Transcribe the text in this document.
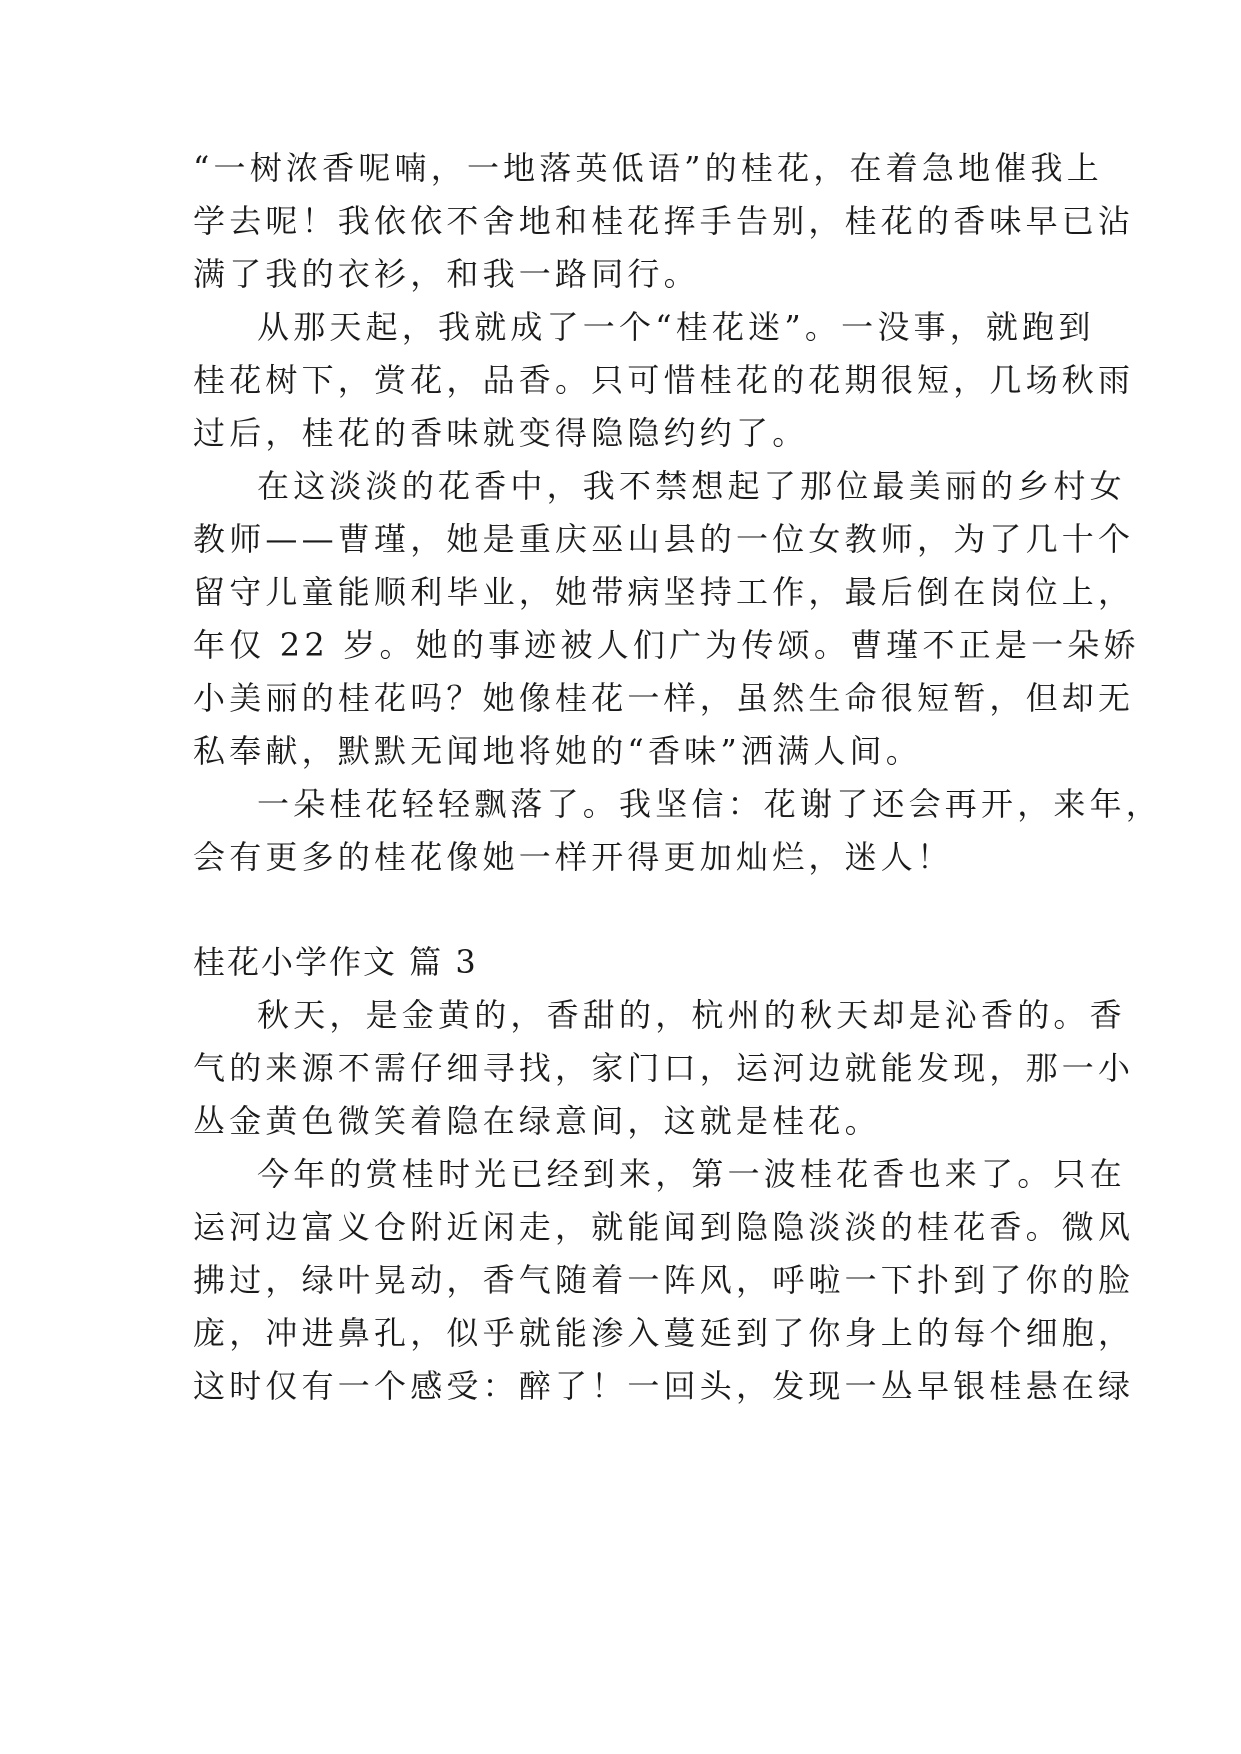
“一树浓香呢喃，一地落英低语”的桂花，在着急地催我上
学去呢！我依依不舍地和桂花挥手告别，桂花的香味早已沾
满了我的衣衫，和我一路同行。
从那天起，我就成了一个“桂花迷”。一没事，就跑到
桂花树下，赏花，品香。只可惜桂花的花期很短，几场秋雨
过后，桂花的香味就变得隐隐约约了。
在这淡淡的花香中，我不禁想起了那位最美丽的乡村女
教师——曹瑾，她是重庆巫山县的一位女教师，为了几十个
留守儿童能顺利毕业，她带病坚持工作，最后倒在岗位上，
年仅 22 岁。她的事迹被人们广为传颂。曹瑾不正是一朵娇
小美丽的桂花吗？她像桂花一样，虽然生命很短暂，但却无
私奉献，默默无闻地将她的“香味”洒满人间。
一朵桂花轻轻飘落了。我坚信：花谢了还会再开，来年，
会有更多的桂花像她一样开得更加灿烂，迷人！
桂花小学作文 篇 3
秋天，是金黄的，香甜的，杭州的秋天却是沁香的。香
气的来源不需仔细寻找，家门口，运河边就能发现，那一小
丛金黄色微笑着隐在绿意间，这就是桂花。
今年的赏桂时光已经到来，第一波桂花香也来了。只在
运河边富义仓附近闲走，就能闻到隐隐淡淡的桂花香。微风
拂过，绿叶晃动，香气随着一阵风，呼啦一下扑到了你的脸
庞，冲进鼻孔，似乎就能渗入蔓延到了你身上的每个细胞，
这时仅有一个感受：醉了！一回头，发现一丛早银桂悬在绿
